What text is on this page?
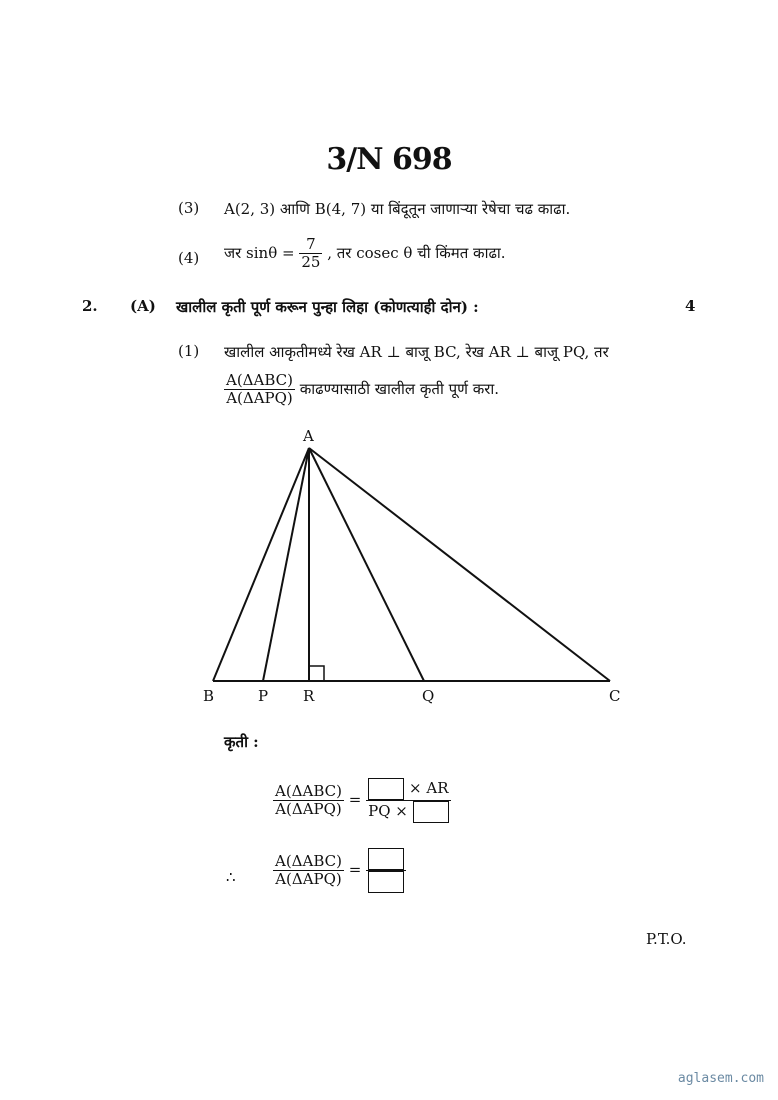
3/N 698
(3) A(2, 3) आणि B(4, 7) या बिंदूतून जाणाऱ्या रेषेचा चढ काढा.
(4) जर $\sin\theta = \frac{7}{25}$ , तर cosec θ ची किंमत काढा.
2. (A) खालील कृती पूर्ण करून पुन्हा लिहा (कोणत्याही दोन) :	4
(1) खालील आकृतीमध्ये रेख AR ⊥ बाजू BC, रेख AR ⊥ बाजू PQ, तर
$\frac{\text{A(ΔABC)}}{\text{A(ΔAPQ)}}$ काढण्यासाठी खालील कृती पूर्ण करा.
A
B	P R	Q	C
कृती :
$\frac{\text{A(ΔABC)}}{\text{A(ΔAPQ)}} = \frac{\times AR}{PQ \times}$
∴ $\frac{\text{A(ΔABC)}}{\text{A(ΔAPQ)}}$ =
P.T.O.
aglasem.com
